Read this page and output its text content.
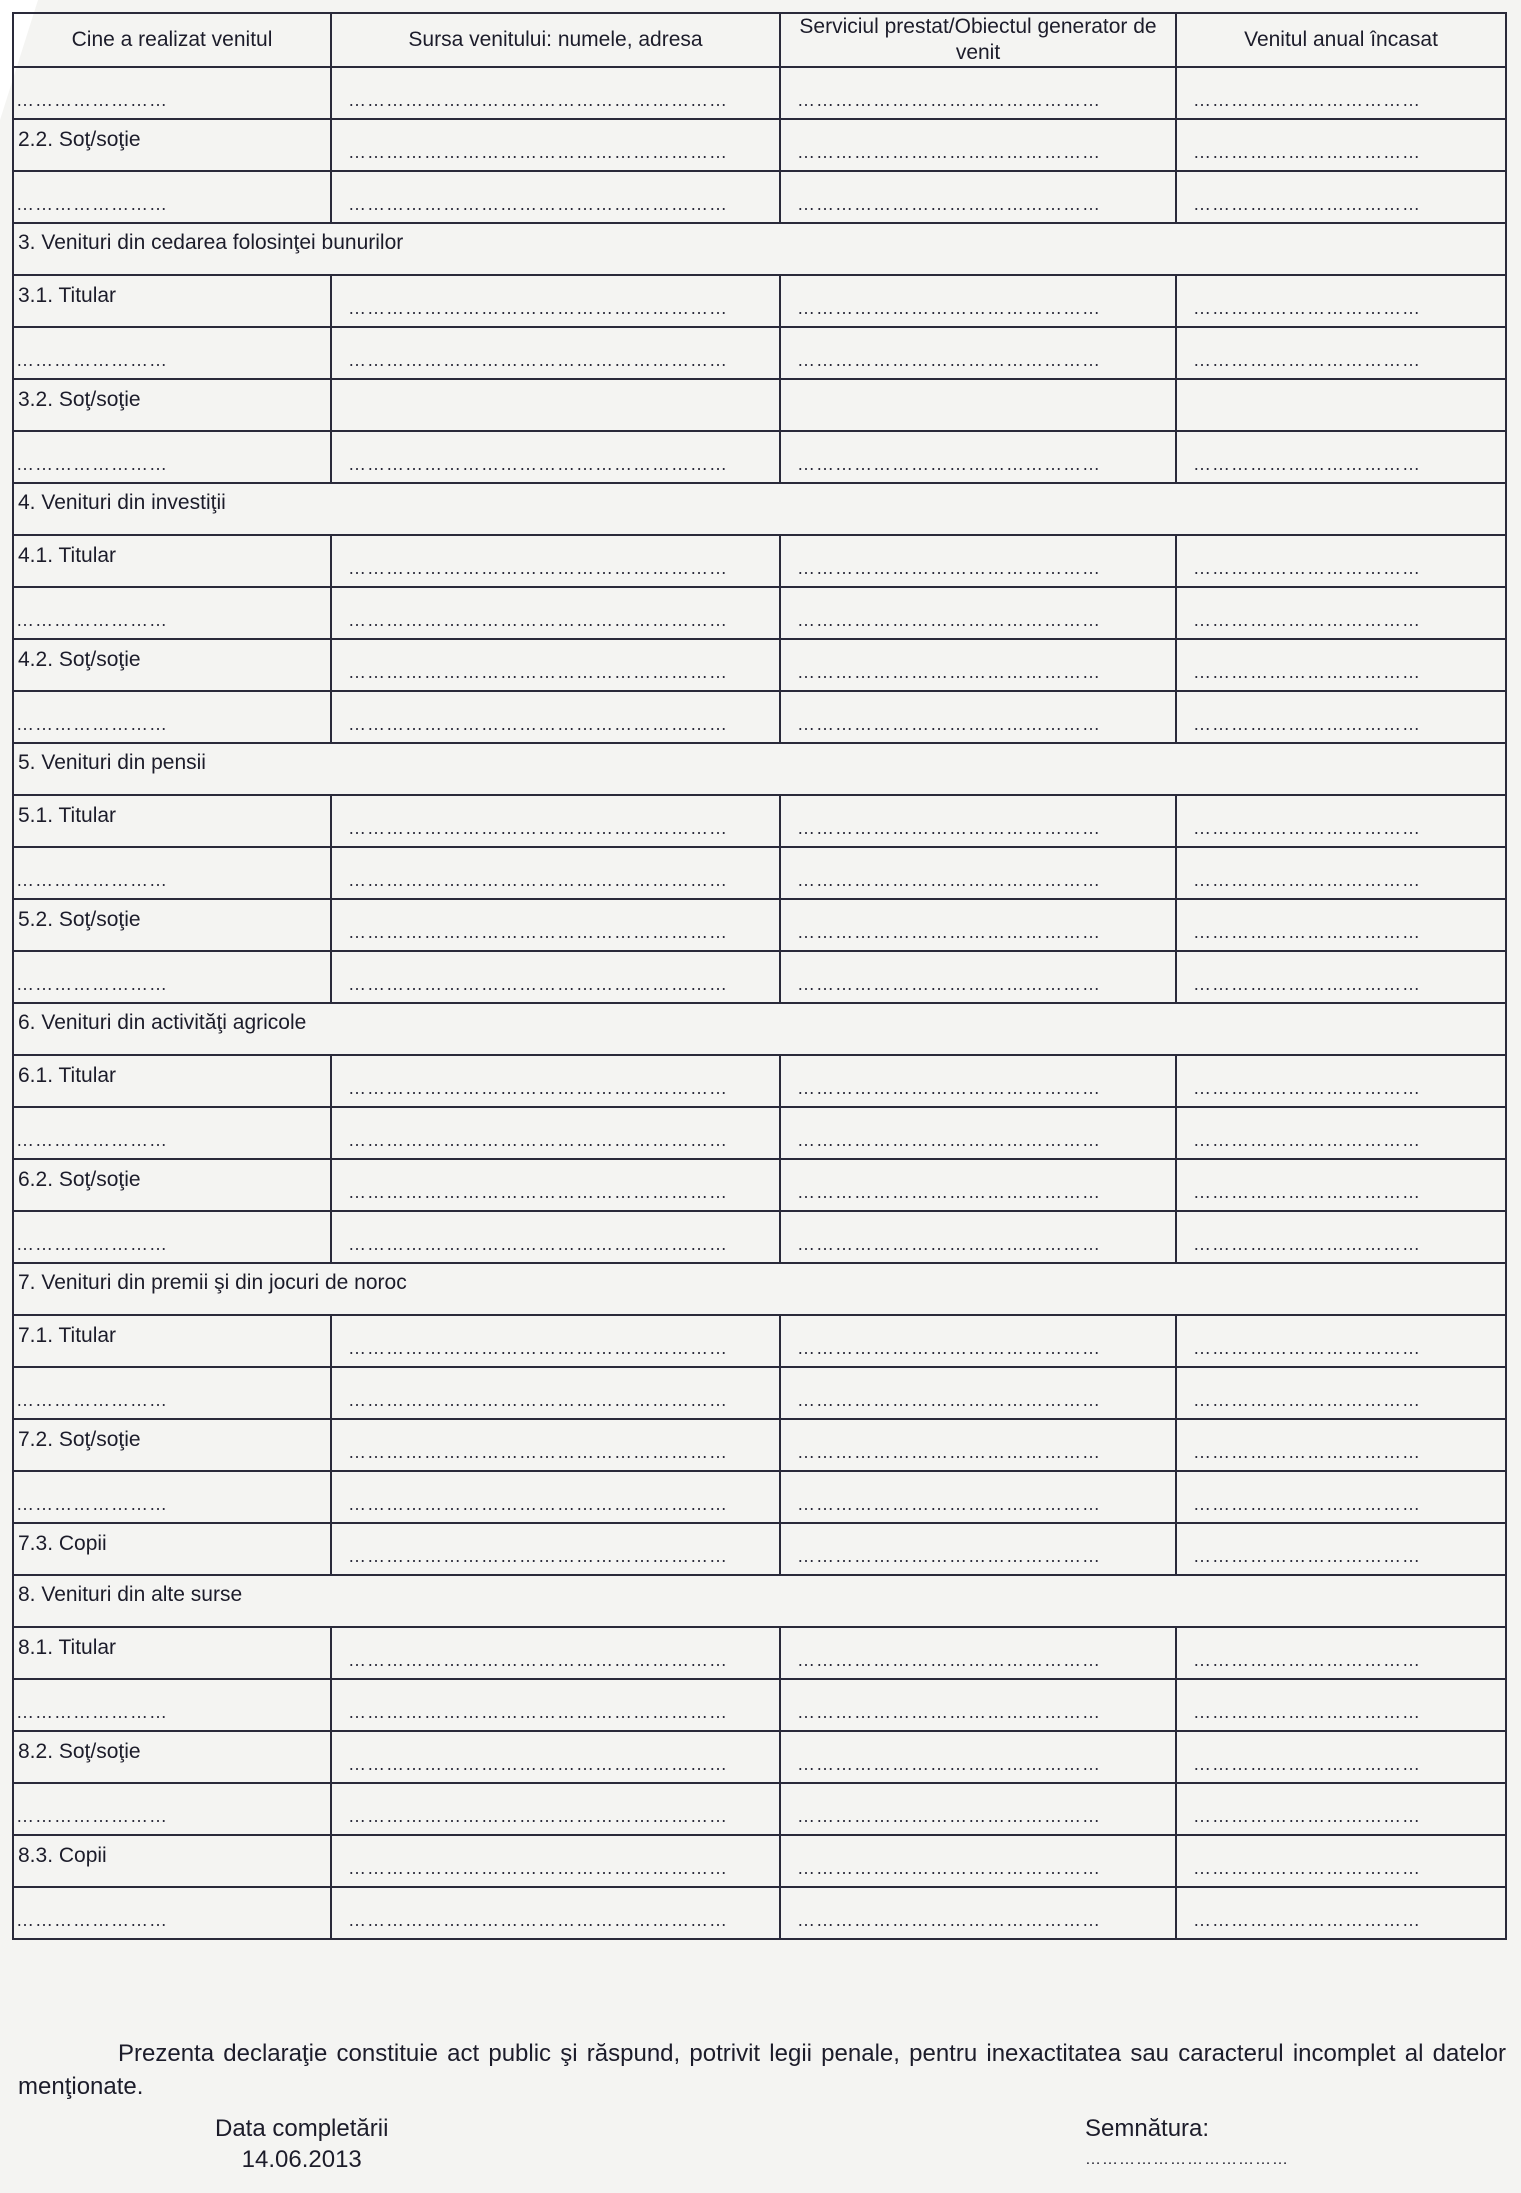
Cine a realizat venitul	Sursa venitului: numele, adresa	Serviciul prestat/Obiectul generator de venit	Venitul anual încasat

……………………	……………………………………………………	…………………………………………	………………………………

2.2. Soţ/soţie	……………………………………………………	…………………………………………	………………………………

……………………	……………………………………………………	…………………………………………	………………………………

3. Venituri din cedarea folosinţei bunurilor			

3.1. Titular	……………………………………………………	…………………………………………	………………………………

……………………	……………………………………………………	…………………………………………	………………………………

3.2. Soţ/soţie			

……………………	……………………………………………………	…………………………………………	………………………………

4. Venituri din investiţii			

4.1. Titular	……………………………………………………	…………………………………………	………………………………

……………………	……………………………………………………	…………………………………………	………………………………

4.2. Soţ/soţie	……………………………………………………	…………………………………………	………………………………

……………………	……………………………………………………	…………………………………………	………………………………

5. Venituri din pensii			

5.1. Titular	……………………………………………………	…………………………………………	………………………………

……………………	……………………………………………………	…………………………………………	………………………………

5.2. Soţ/soţie	……………………………………………………	…………………………………………	………………………………

……………………	……………………………………………………	…………………………………………	………………………………

6. Venituri din activităţi agricole			

6.1. Titular	……………………………………………………	…………………………………………	………………………………

……………………	……………………………………………………	…………………………………………	………………………………

6.2. Soţ/soţie	……………………………………………………	…………………………………………	………………………………

……………………	……………………………………………………	…………………………………………	………………………………

7. Venituri din premii şi din jocuri de noroc			

7.1. Titular	……………………………………………………	…………………………………………	………………………………

……………………	……………………………………………………	…………………………………………	………………………………

7.2. Soţ/soţie	……………………………………………………	…………………………………………	………………………………

……………………	……………………………………………………	…………………………………………	………………………………

7.3. Copii	……………………………………………………	…………………………………………	………………………………

8. Venituri din alte surse			

8.1. Titular	……………………………………………………	…………………………………………	………………………………

……………………	……………………………………………………	…………………………………………	………………………………

8.2. Soţ/soţie	……………………………………………………	…………………………………………	………………………………

……………………	……………………………………………………	…………………………………………	………………………………

8.3. Copii	……………………………………………………	…………………………………………	………………………………

……………………	……………………………………………………	…………………………………………	………………………………

Prezenta declaraţie constituie act public şi răspund, potrivit legii penale, pentru inexactitatea sau caracterul incomplet al datelor menţionate.

Data completării
14.06.2013
Semnătura:
………………………………
